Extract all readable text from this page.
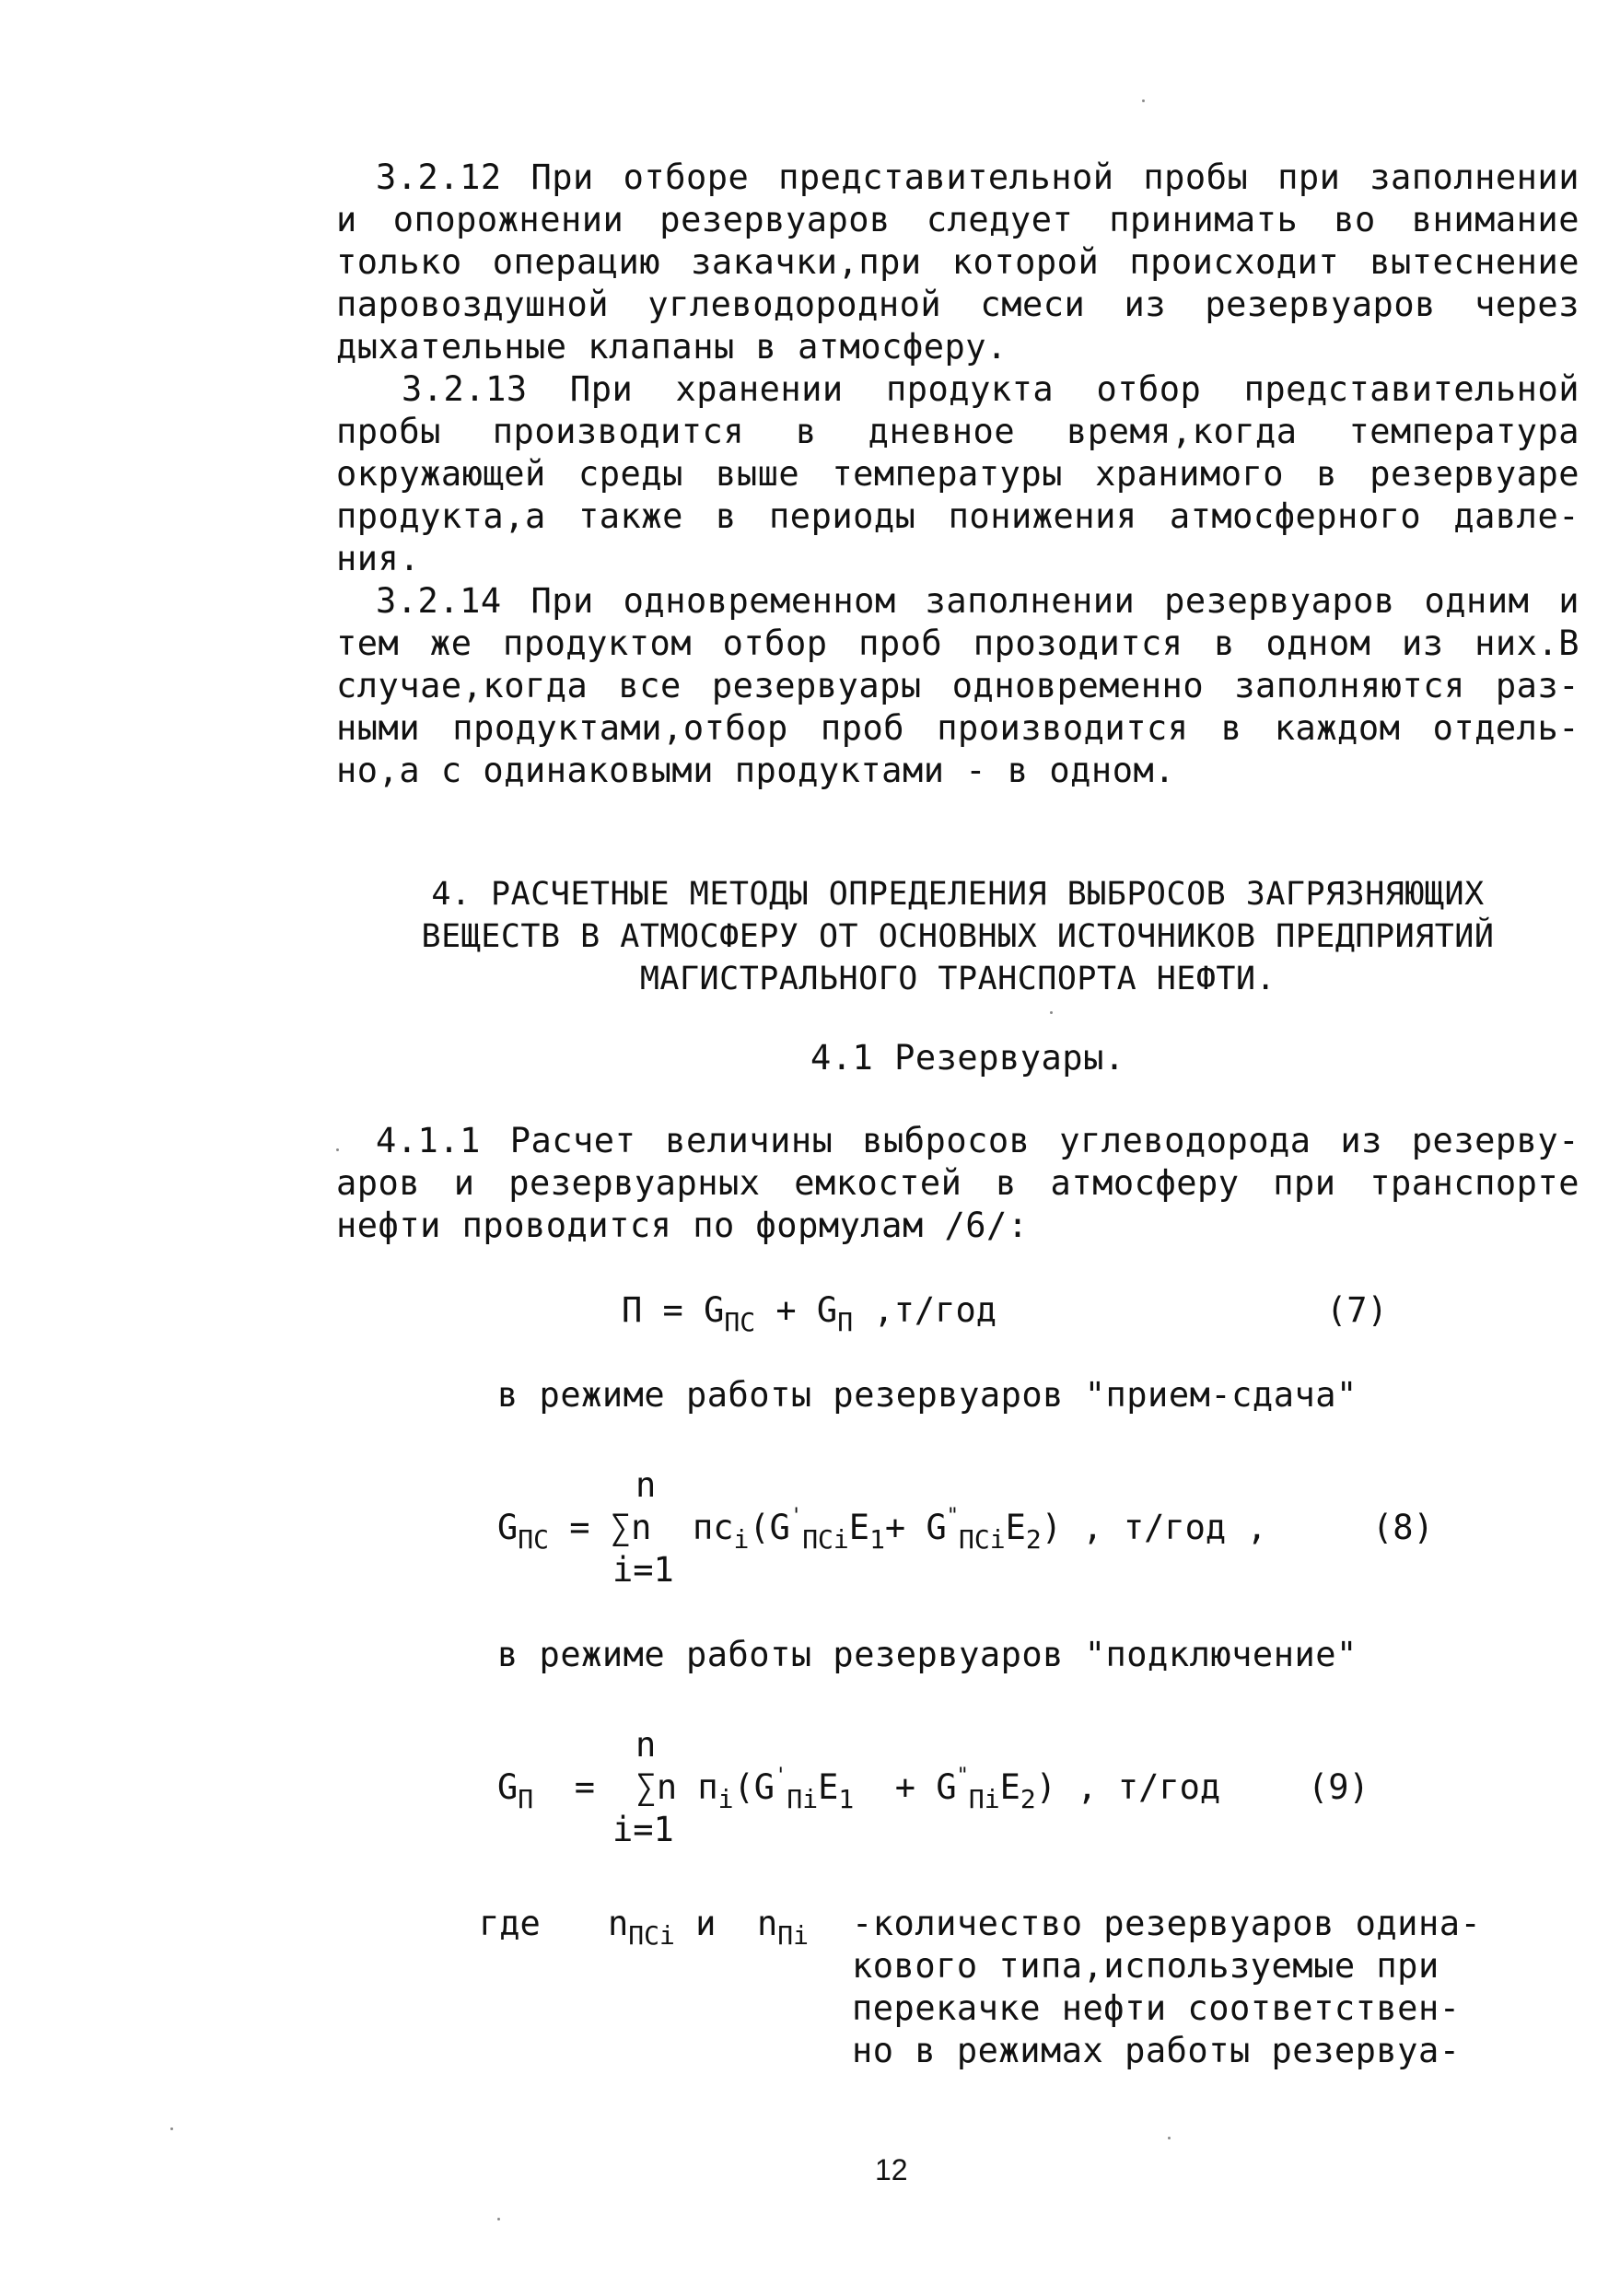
3.2.12 При отборе представительной пробы при заполнении
и опорожнении резервуаров следует принимать во внимание
только операцию закачки,при которой происходит вытеснение
паровоздушной углеводородной смеси из резервуаров через
дыхательные клапаны в атмосферу.
3.2.13 При хранении продукта отбор представительной
пробы производится в дневное время,когда температура
окружающей среды выше температуры хранимого в резервуаре
продукта,а также в периоды понижения атмосферного давле-
ния.
3.2.14 При одновременном заполнении резервуаров одним и
тем же продуктом отбор проб прозодится в одном из них.В
случае,когда все резервуары одновременно заполняются раз-
ными продуктами,отбор проб производится в каждом отдель-
но,а с одинаковыми продуктами - в одном.
4. РАСЧЕТНЫЕ МЕТОДЫ ОПРЕДЕЛЕНИЯ ВЫБРОСОВ ЗАГРЯЗНЯЮЩИХ
ВЕЩЕСТВ В АТМОСФЕРУ ОТ ОСНОВНЫХ ИСТОЧНИКОВ ПРЕДПРИЯТИЙ
МАГИСТРАЛЬНОГО ТРАНСПОРТА НЕФТИ.
4.1 Резервуары.
4.1.1 Расчет величины выбросов углеводорода из резерву-
аров и резервуарных емкостей в атмосферу при транспорте
нефти проводится по формулам /6/:
$П = G_{ПС} + G_П$ ,т/год	(7)
в режиме работы резервуаров "прием-сдача"
n
$G_{ПС} = \sum n$ $пс_i(G'_{ПСi}E_1+ G^"_{ПСi}E_2)$ , т/год ,
i=1
(8)
в режиме работы резервуаров "подключение"
n
$G_П = \sum n$ $п_i(G'_{Пi}E_1 + G^"_{Пi}E_2)$ , т/год
i=1
(9)
где $n_{ПСi}$ и $n_{Пi}$ -количество резервуаров одина-
кового типа,используемые при
перекачке нефти соответствен-
но в режимах работы резервуа-
12
